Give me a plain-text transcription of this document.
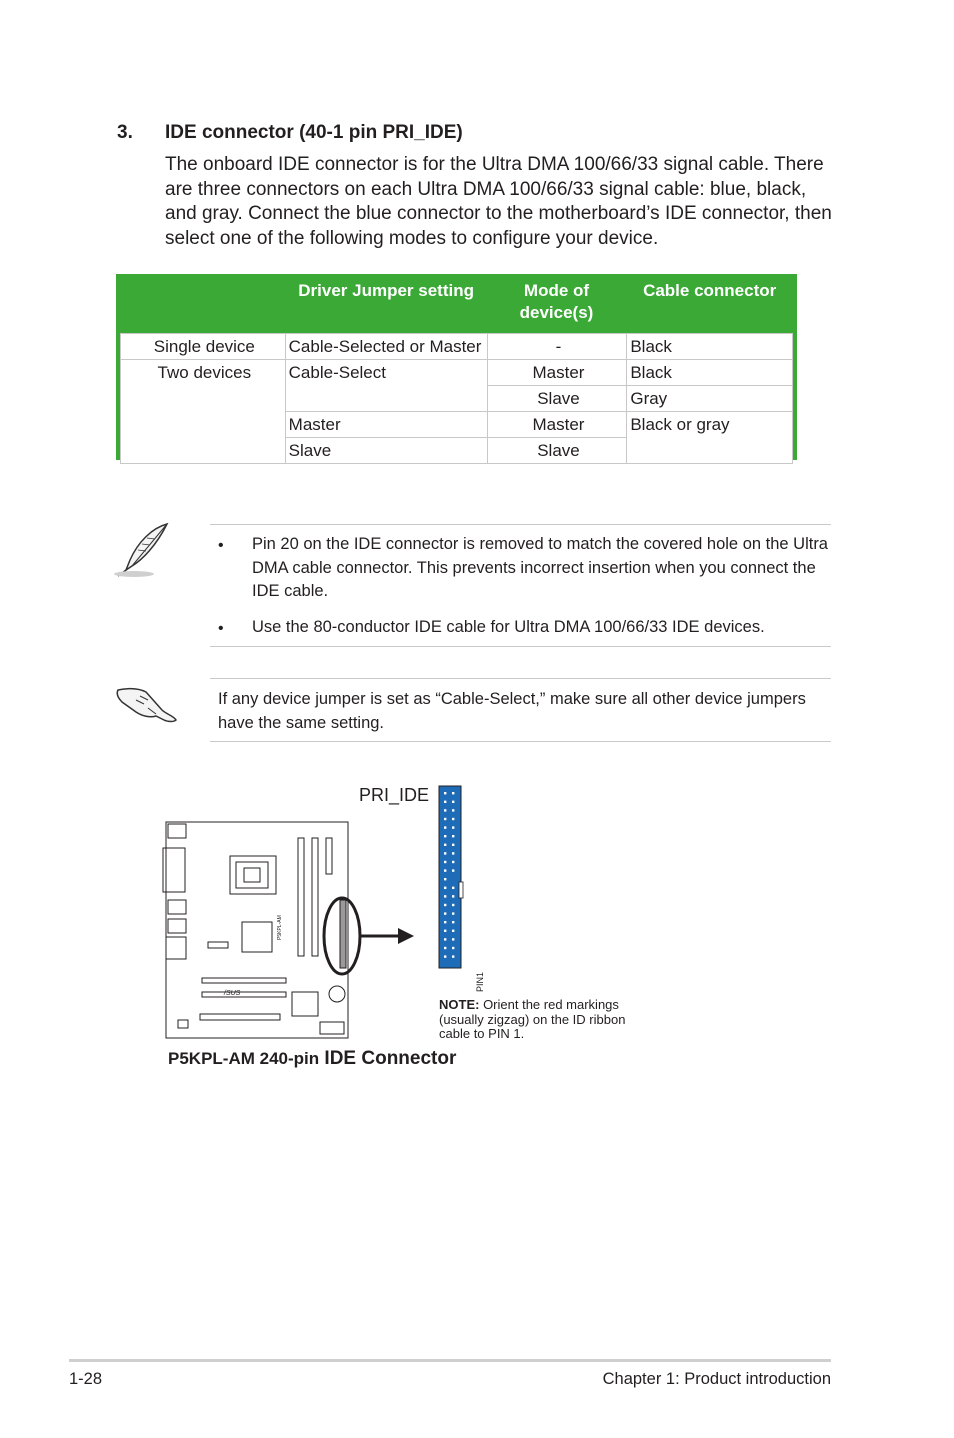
3. IDE connector (40-1 pin PRI_IDE)

The onboard IDE connector is for the Ultra DMA 100/66/33 signal cable. There are three connectors on each Ultra DMA 100/66/33 signal cable: blue, black, and gray. Connect the blue connector to the motherboard’s IDE connector, then select one of the following modes to configure your device.

	Driver Jumper setting	Mode of device(s)	Cable connector
Single device	Cable-Selected or Master	-	Black
Two devices	Cable-Select	Master	Black
		Slave	Gray
	Master	Master	Black or gray
	Slave	Slave	
• Pin 20 on the IDE connector is removed to match the covered hole on the Ultra DMA cable connector. This prevents incorrect insertion when you connect the IDE cable.
• Use the 80-conductor IDE cable for Ultra DMA 100/66/33 IDE devices.
If any device jumper is set as “Cable-Select,” make sure all other device jumpers have the same setting.
PRI_IDE
P5KPL-AM
/SUS
PIN1
NOTE: Orient the red markings (usually zigzag) on the ID ribbon cable to PIN 1.
P5KPL-AM 240-pin IDE Connector
1-28	Chapter 1: Product introduction
